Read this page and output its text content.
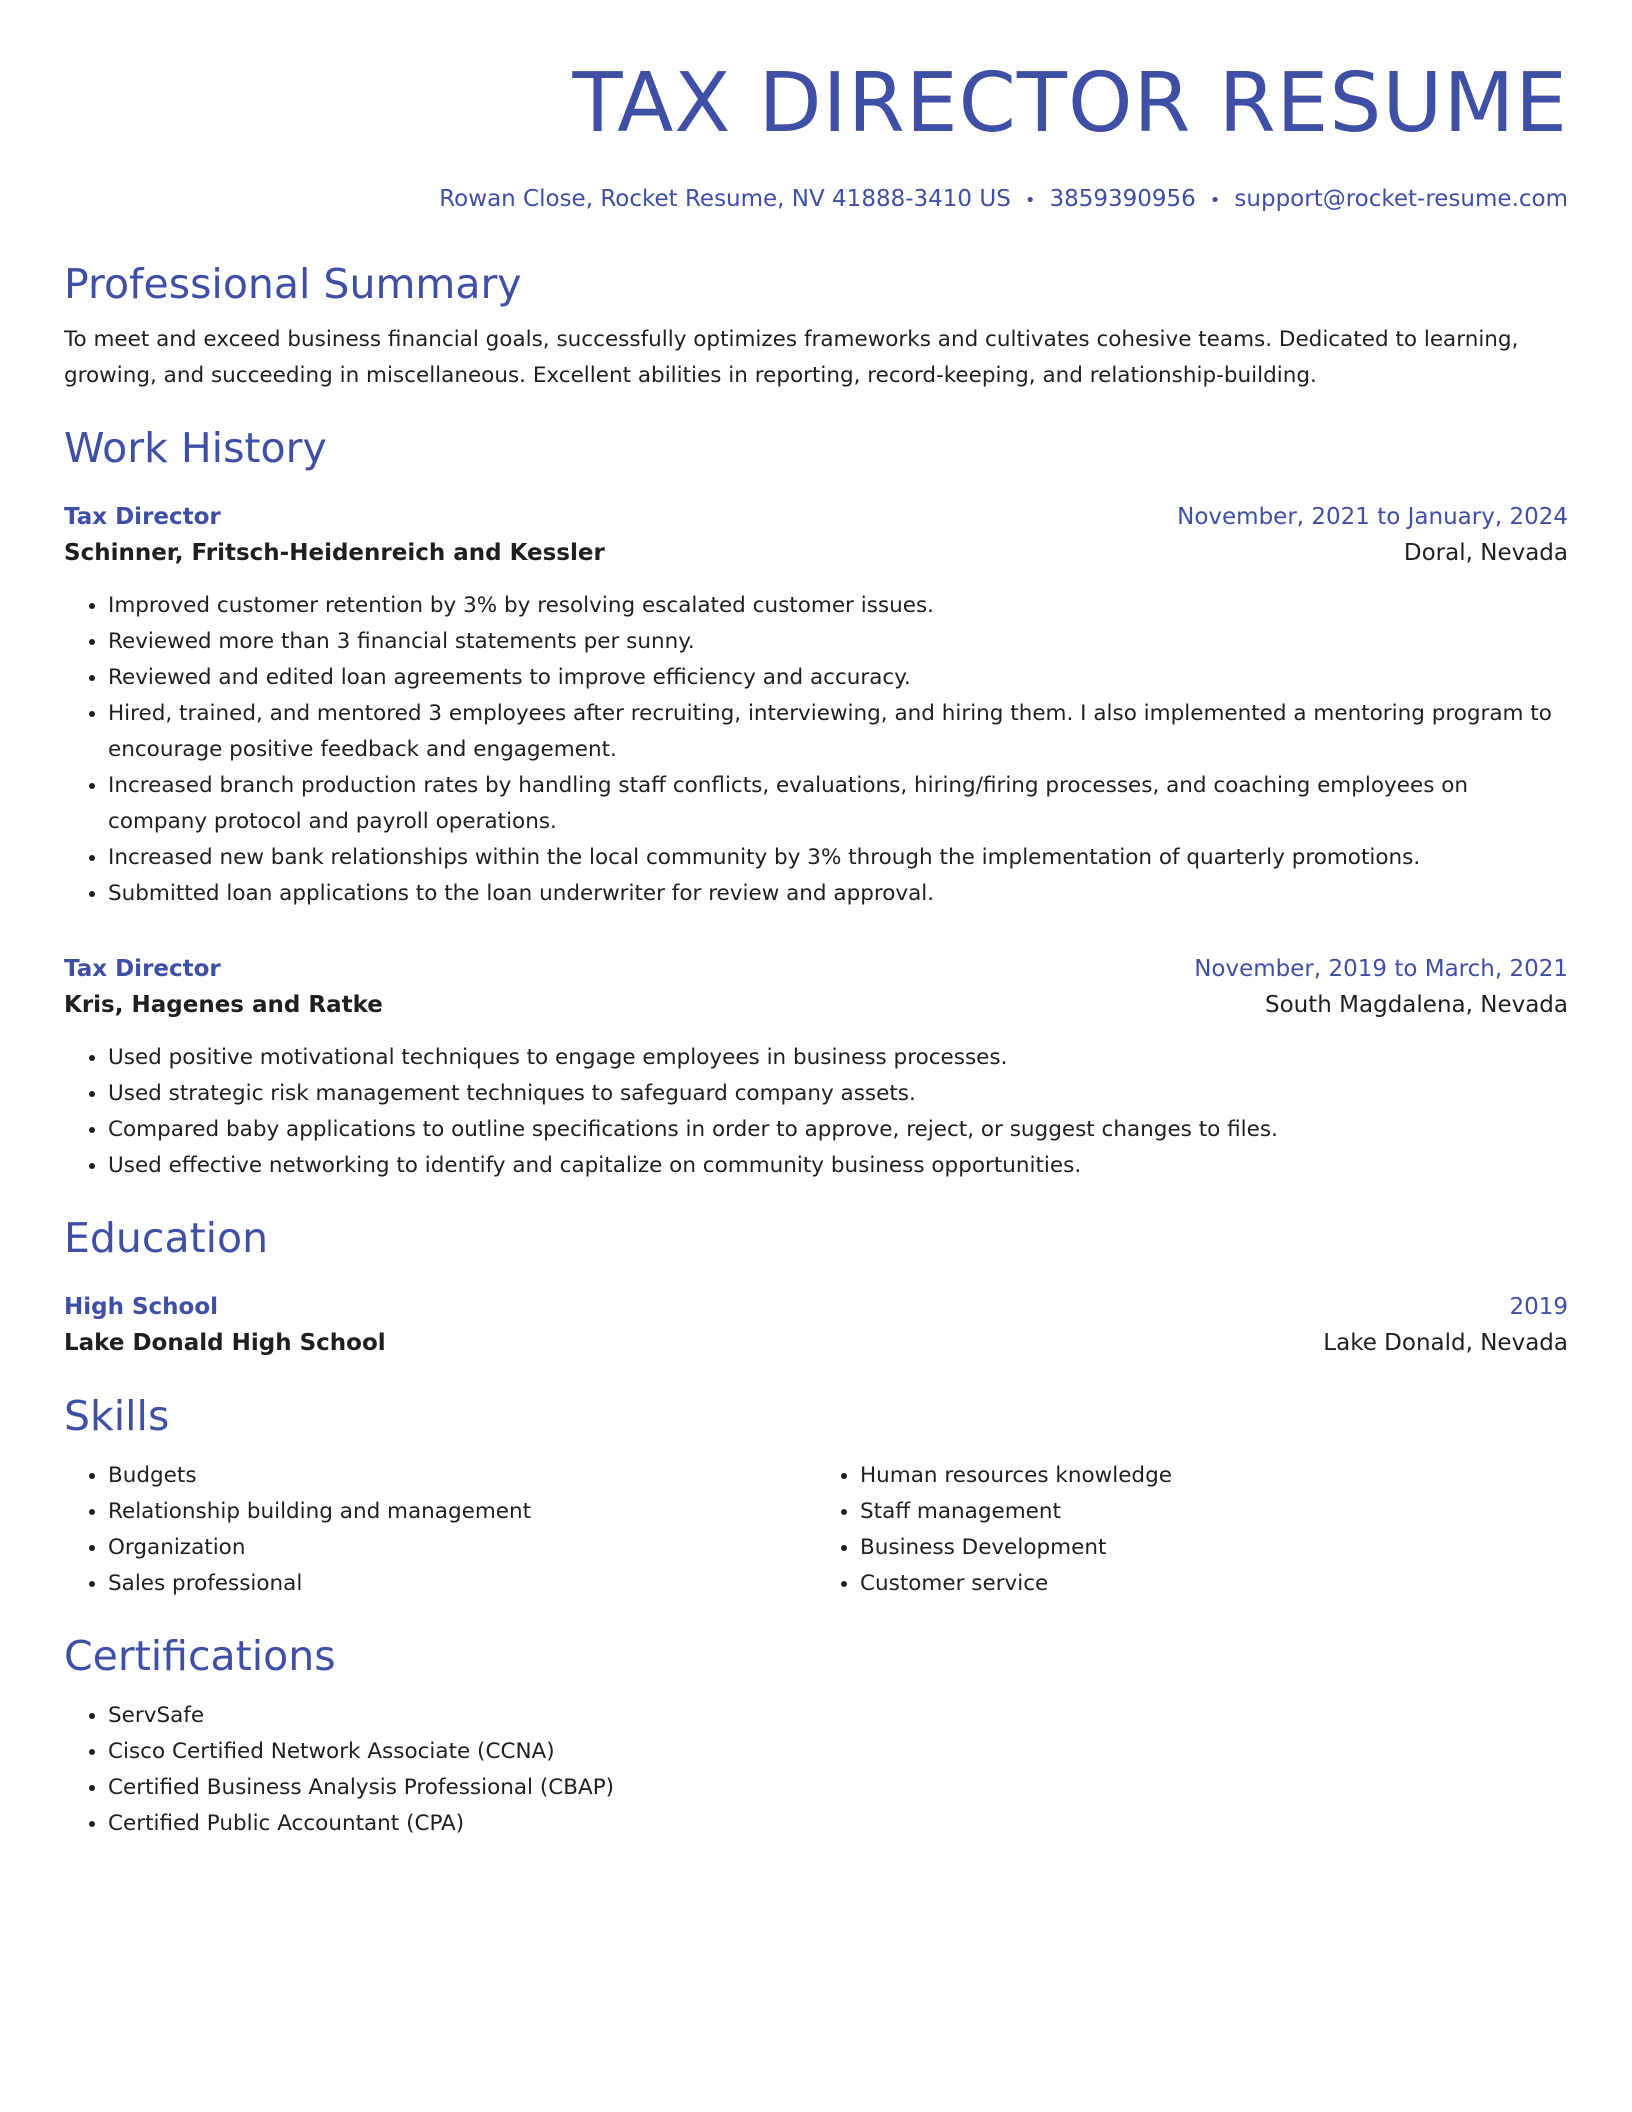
TAX DIRECTOR RESUME
Rowan Close, Rocket Resume, NV 41888-3410 US • 3859390956 • support@rocket-resume.com
Professional Summary
To meet and exceed business financial goals, successfully optimizes frameworks and cultivates cohesive teams. Dedicated to learning, growing, and succeeding in miscellaneous. Excellent abilities in reporting, record-keeping, and relationship-building.
Work History
Tax Director	November, 2021 to January, 2024
Schinner, Fritsch-Heidenreich and Kessler	Doral, Nevada
• Improved customer retention by 3% by resolving escalated customer issues.
• Reviewed more than 3 financial statements per sunny.
• Reviewed and edited loan agreements to improve efficiency and accuracy.
• Hired, trained, and mentored 3 employees after recruiting, interviewing, and hiring them. I also implemented a mentoring program to encourage positive feedback and engagement.
• Increased branch production rates by handling staff conflicts, evaluations, hiring/firing processes, and coaching employees on company protocol and payroll operations.
• Increased new bank relationships within the local community by 3% through the implementation of quarterly promotions.
• Submitted loan applications to the loan underwriter for review and approval.
Tax Director	November, 2019 to March, 2021
Kris, Hagenes and Ratke	South Magdalena, Nevada
• Used positive motivational techniques to engage employees in business processes.
• Used strategic risk management techniques to safeguard company assets.
• Compared baby applications to outline specifications in order to approve, reject, or suggest changes to files.
• Used effective networking to identify and capitalize on community business opportunities.
Education
High School	2019
Lake Donald High School	Lake Donald, Nevada
Skills
• Budgets
• Relationship building and management
• Organization
• Sales professional
• Human resources knowledge
• Staff management
• Business Development
• Customer service
Certifications
• ServSafe
• Cisco Certified Network Associate (CCNA)
• Certified Business Analysis Professional (CBAP)
• Certified Public Accountant (CPA)
